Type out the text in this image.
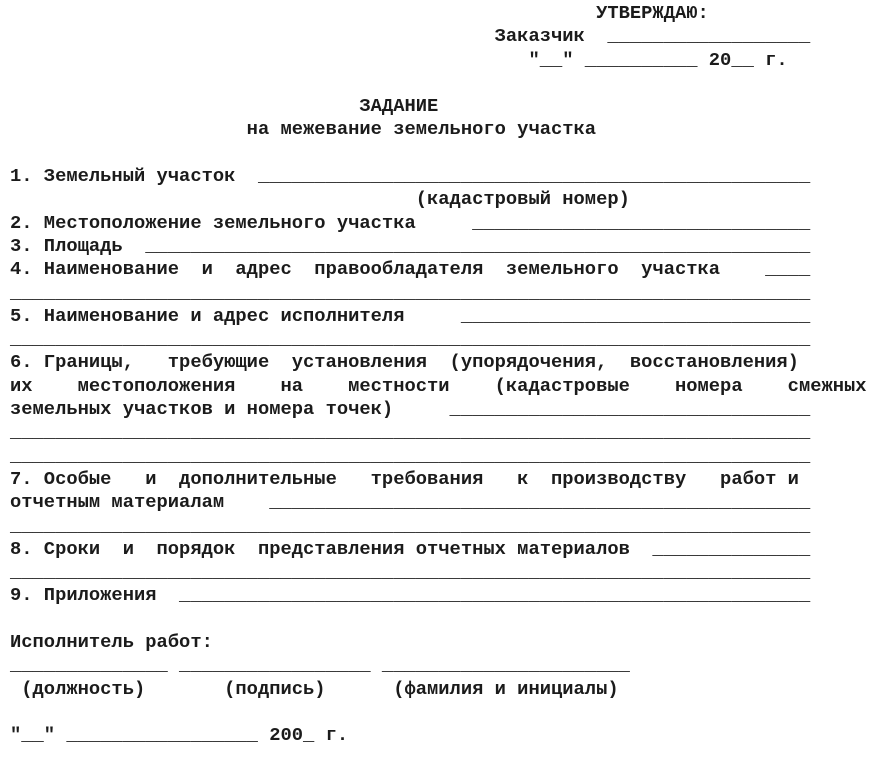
УТВЕРЖДАЮ:
Заказчик  __________________
"__" __________ 20__ г.
ЗАДАНИЕ
на межевание земельного участка
1. Земельный участок  _________________________________________________
(кадастровый номер)
2. Местоположение земельного участка     ______________________________
3. Площадь  ___________________________________________________________
4. Наименование  и  адрес  правообладателя  земельного  участка    ____
_______________________________________________________________________
5. Наименование и адрес исполнителя     _______________________________
_______________________________________________________________________
6. Границы,   требующие  установления  (упорядочения,  восстановления)
их    местоположения    на    местности    (кадастровые    номера    смежных
земельных участков и номера точек)     ________________________________
_______________________________________________________________________
_______________________________________________________________________
7. Особые   и  дополнительные   требования   к  производству   работ и
отчетным материалам    ________________________________________________
_______________________________________________________________________
8. Сроки  и  порядок  представления отчетных материалов  ______________
_______________________________________________________________________
9. Приложения  ________________________________________________________
Исполнитель работ:
______________ _________________ ______________________
(должность)       (подпись)      (фамилия и инициалы)
"__" _________________ 200_ г.
